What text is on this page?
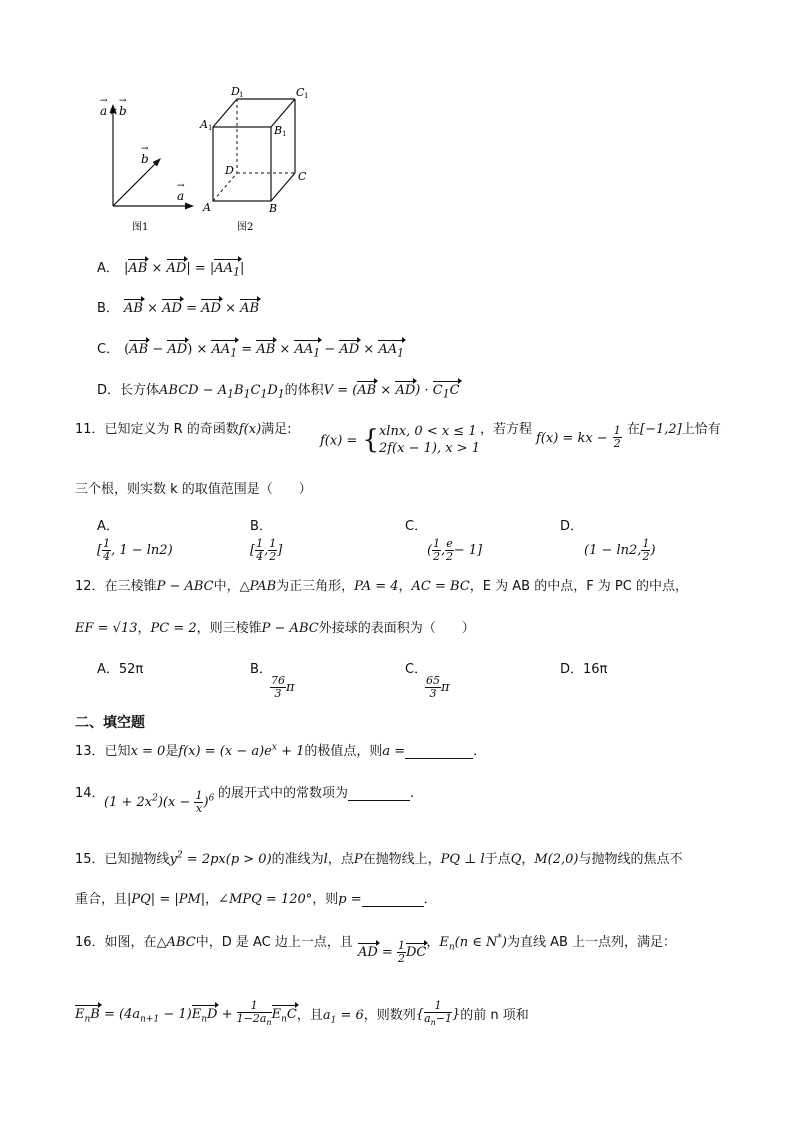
a × b
→ →
b
→
a
→
图1
D 1	C 1
A 1	B 1
D	C
A	B
图2
A． $|AB \times AD| = |AA_1|$
B． AB × AD = AD × AB
C． $(AB - AD) \times AA_1$ = AB × $AA_1$ − AD × $AA_1$
D．长方体ABCD − $A_1B_1C_1D_1$的体积$V = (AB \times AD) \cdot C_1C$
11．已知定义为 R 的奇函数f(x)满足:
f(x) = { xlnx, 0 < x ≤ 1
2f(x − 1), x > 1
，若方程
f(x) = kx − $\frac{1}{2}$ 在[−1,2]上恰有
三个根，则实数 k 的取值范围是（　　）
A．
[ $\frac{1}{4}$ , 1 − ln2)
B．
[ $\frac{1}{4}$ , $\frac{1}{2}$ ]
C．
( $\frac{1}{2}$ , $\frac{e}{2} - 1$]
D．
(1 − ln2, $\frac{1}{2}$ )
12．在三棱锥P − ABC中，△PAB为正三角形，PA = 4，AC = BC，E 为 AB 的中点，F 为 PC 的中点，
EF = √13，PC = 2，则三棱锥P − ABC外接球的表面积为（　　）
A．52π	B．
$\frac{76}{3}$ π
C．
$\frac{65}{3}$ π
D．16π
二、填空题
13．已知x = 0是$f(x) = (x - a)e^x + 1$的极值点，则a =	．
14．
$(1 + 2x^2)(x - \frac{1}{x} )^6$ 的展开式中的常数项为	.
15．已知抛物线$y^2 = 2px(p > 0)$的准线为l，点P在抛物线上，PQ ⊥ l于点Q，M(2,0)与抛物线的焦点不
重合，且|PQ| = |PM|，∠MPQ = 120°，则p =	．
16．如图，在△ABC中，D 是 AC 边上一点，且 AD = $\frac{1}{2}$ DC，$E_n(n$ ∈ N*)为直线 AB 上一点列，满足：
$E_nB = (4a_{n+1} - 1)E_nD + \frac{1}{1-2a_n} E_nC$，且$a_1 = 6$，则数列{ $\frac{1}{a_n-1}$ }的前 n 项和
